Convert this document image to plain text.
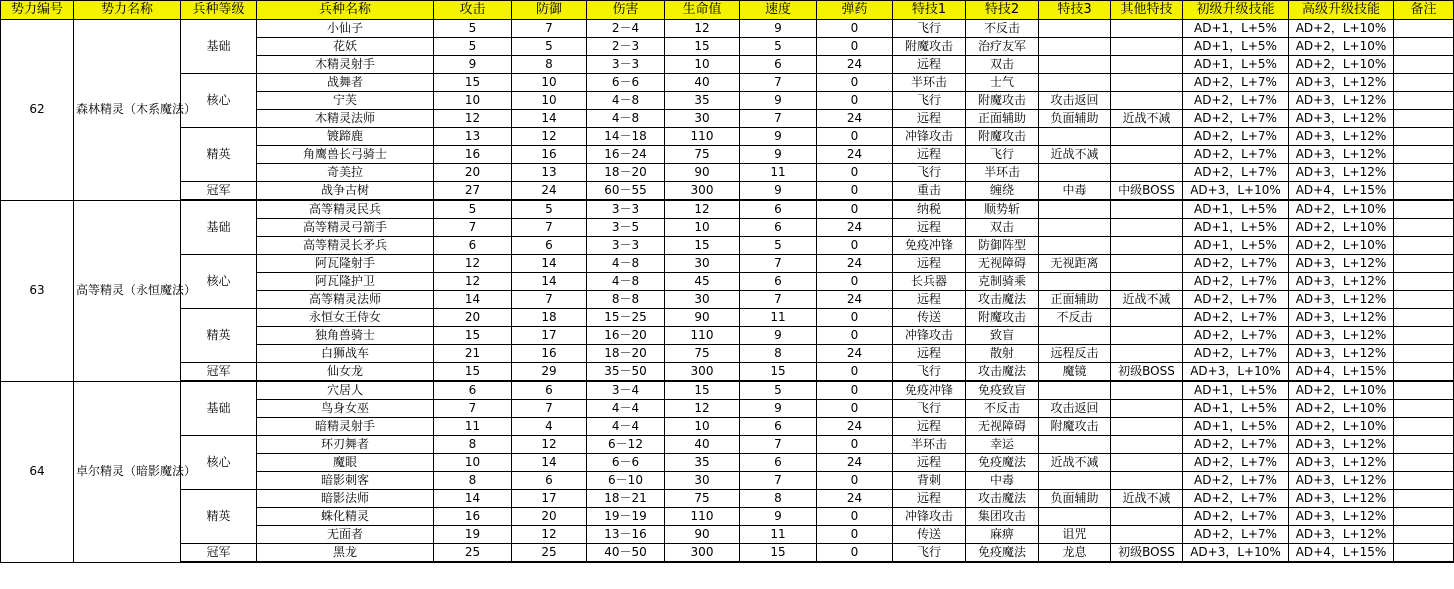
势力编号	势力名称	兵种等级	兵种名称	攻击	防御	伤害	生命值	速度	弹药	特技1	特技2	特技3	其他特技	初级升级技能	高级升级技能	备注
62	森林精灵（木系魔法）	基础	小仙子	5	7	2－4	12	9	0	飞行	不反击			AD+1，L+5%	AD+2，L+10%	
			花妖	5	5	2－3	15	5	0	附魔攻击	治疗友军			AD+1，L+5%	AD+2，L+10%	
			木精灵射手	9	8	3－3	10	6	24	远程	双击			AD+1，L+5%	AD+2，L+10%	
		核心	战舞者	15	10	6－6	40	7	0	半环击	士气			AD+2，L+7%	AD+3，L+12%	
			宁芙	10	10	4－8	35	9	0	飞行	附魔攻击	攻击返回		AD+2，L+7%	AD+3，L+12%	
			木精灵法师	12	14	4－8	30	7	24	远程	正面辅助	负面辅助	近战不减	AD+2，L+7%	AD+3，L+12%	
		精英	镀蹄鹿	13	12	14－18	110	9	0	冲锋攻击	附魔攻击			AD+2，L+7%	AD+3，L+12%	
			角鹰兽长弓骑士	16	16	16－24	75	9	24	远程	飞行	近战不减		AD+2，L+7%	AD+3，L+12%	
			奇美拉	20	13	18－20	90	11	0	飞行	半环击			AD+2，L+7%	AD+3，L+12%	
		冠军	战争古树	27	24	60－55	300	9	0	重击	缠绕	中毒	中级BOSS	AD+3，L+10%	AD+4，L+15%	
63	高等精灵（永恒魔法）	基础	高等精灵民兵	5	5	3－3	12	6	0	纳税	顺势斩			AD+1，L+5%	AD+2，L+10%	
			高等精灵弓箭手	7	7	3－5	10	6	24	远程	双击			AD+1，L+5%	AD+2，L+10%	
			高等精灵长矛兵	6	6	3－3	15	5	0	免疫冲锋	防御阵型			AD+1，L+5%	AD+2，L+10%	
		核心	阿瓦隆射手	12	14	4－8	30	7	24	远程	无视障碍	无视距离		AD+2，L+7%	AD+3，L+12%	
			阿瓦隆护卫	12	14	4－8	45	6	0	长兵器	克制骑乘			AD+2，L+7%	AD+3，L+12%	
			高等精灵法师	14	7	8－8	30	7	24	远程	攻击魔法	正面辅助	近战不减	AD+2，L+7%	AD+3，L+12%	
		精英	永恒女王侍女	20	18	15－25	90	11	0	传送	附魔攻击	不反击		AD+2，L+7%	AD+3，L+12%	
			独角兽骑士	15	17	16－20	110	9	0	冲锋攻击	致盲			AD+2，L+7%	AD+3，L+12%	
			白狮战车	21	16	18－20	75	8	24	远程	散射	远程反击		AD+2，L+7%	AD+3，L+12%	
		冠军	仙女龙	15	29	35－50	300	15	0	飞行	攻击魔法	魔镜	初级BOSS	AD+3，L+10%	AD+4，L+15%	
64	卓尔精灵（暗影魔法）	基础	穴居人	6	6	3－4	15	5	0	免疫冲锋	免疫致盲			AD+1，L+5%	AD+2，L+10%	
			鸟身女巫	7	7	4－4	12	9	0	飞行	不反击	攻击返回		AD+1，L+5%	AD+2，L+10%	
			暗精灵射手	11	4	4－4	10	6	24	远程	无视障碍	附魔攻击		AD+1，L+5%	AD+2，L+10%	
		核心	环刃舞者	8	12	6－12	40	7	0	半环击	幸运			AD+2，L+7%	AD+3，L+12%	
			魔眼	10	14	6－6	35	6	24	远程	免疫魔法	近战不减		AD+2，L+7%	AD+3，L+12%	
			暗影刺客	8	6	6－10	30	7	0	背刺	中毒			AD+2，L+7%	AD+3，L+12%	
		精英	暗影法师	14	17	18－21	75	8	24	远程	攻击魔法	负面辅助	近战不减	AD+2，L+7%	AD+3，L+12%	
			蛛化精灵	16	20	19－19	110	9	0	冲锋攻击	集团攻击			AD+2，L+7%	AD+3，L+12%	
			无面者	19	12	13－16	90	11	0	传送	麻痹	诅咒		AD+2，L+7%	AD+3，L+12%	
		冠军	黑龙	25	25	40－50	300	15	0	飞行	免疫魔法	龙息	初级BOSS	AD+3，L+10%	AD+4，L+15%	
